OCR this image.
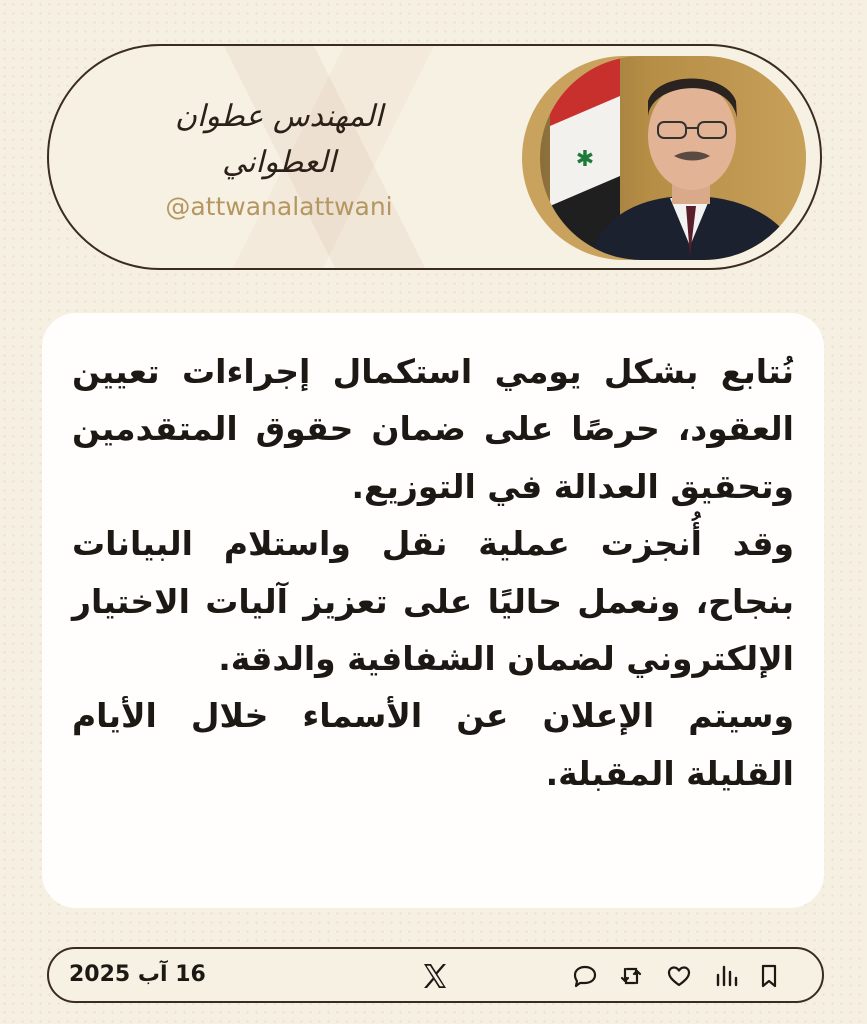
المهندس عطوان العطواني
@attwanalattwani
✱

نُتابع بشكل يومي استكمال إجراءات تعيين العقود، حرصًا على ضمان حقوق المتقدمين وتحقيق العدالة في التوزيع.

وقد أُنجزت عملية نقل واستلام البيانات بنجاح، ونعمل حاليًا على تعزيز آليات الاختيار الإلكتروني لضمان الشفافية والدقة.

وسيتم الإعلان عن الأسماء خلال الأيام القليلة المقبلة.

16 آب 2025
